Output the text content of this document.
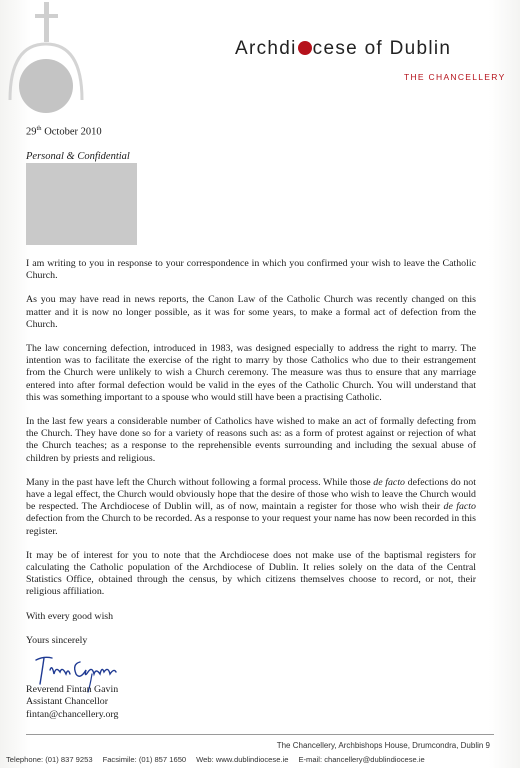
Archdi cese of Dublin
THE CHANCELLERY
29th October 2010
Personal & Confidential

I am writing to you in response to your correspondence in which you confirmed your wish to leave the Catholic Church.

As you may have read in news reports, the Canon Law of the Catholic Church was recently changed on this matter and it is now no longer possible, as it was for some years, to make a formal act of defection from the Church.

The law concerning defection, introduced in 1983, was designed especially to address the right to marry. The intention was to facilitate the exercise of the right to marry by those Catholics who due to their estrangement from the Church were unlikely to wish a Church ceremony. The measure was thus to ensure that any marriage entered into after formal defection would be valid in the eyes of the Catholic Church. You will understand that this was something important to a spouse who would still have been a practising Catholic.

In the last few years a considerable number of Catholics have wished to make an act of formally defecting from the Church. They have done so for a variety of reasons such as: as a form of protest against or rejection of what the Church teaches; as a response to the reprehensible events surrounding and including the sexual abuse of children by priests and religious.

Many in the past have left the Church without following a formal process. While those de facto defections do not have a legal effect, the Church would obviously hope that the desire of those who wish to leave the Church would be respected. The Archdiocese of Dublin will, as of now, maintain a register for those who wish their de facto defection from the Church to be recorded. As a response to your request your name has now been recorded in this register.

It may be of interest for you to note that the Archdiocese does not make use of the baptismal registers for calculating the Catholic population of the Archdiocese of Dublin. It relies solely on the data of the Central Statistics Office, obtained through the census, by which citizens themselves choose to record, or not, their religious affiliation.

With every good wish

Yours sincerely

Reverend Fintan Gavin
Assistant Chancellor
fintan@chancellery.org
The Chancellery, Archbishops House, Drumcondra, Dublin 9
Telephone: (01) 837 9253 Facsimile: (01) 857 1650 Web: www.dublindiocese.ie E-mail: chancellery@dublindiocese.ie
